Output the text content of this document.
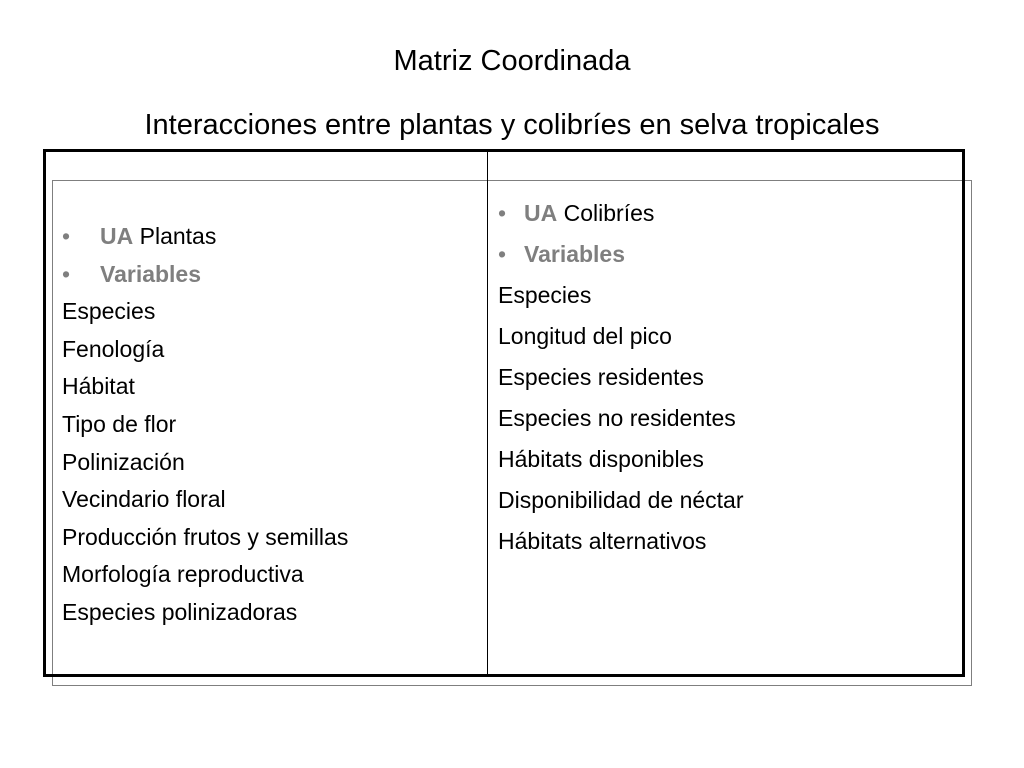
Matriz Coordinada
Interacciones entre plantas y colibríes en selva tropicales
• UA Plantas
• Variables
Especies
Fenología
Hábitat
Tipo de flor
Polinización
Vecindario floral
Producción frutos y semillas
Morfología reproductiva
Especies polinizadoras
• UA Colibríes
• Variables
Especies
Longitud del pico
Especies residentes
Especies no residentes
Hábitats disponibles
Disponibilidad de néctar
Hábitats alternativos
